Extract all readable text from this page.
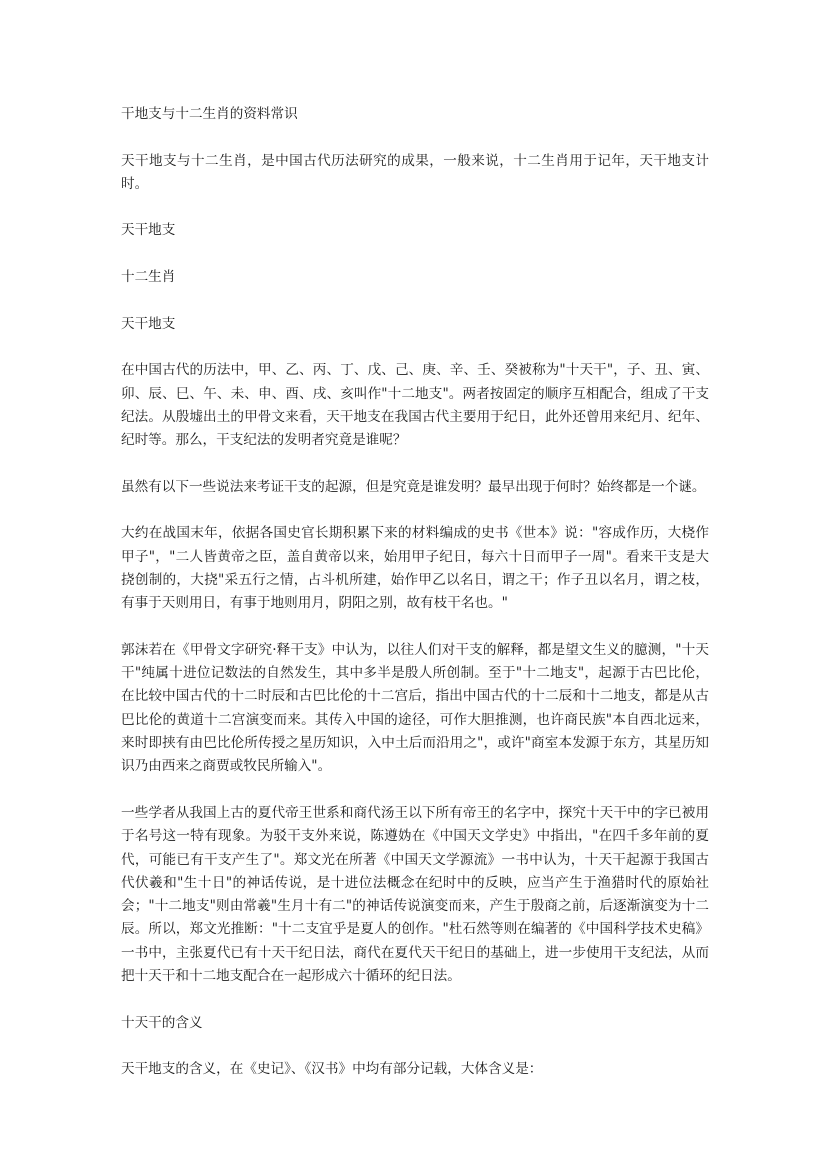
干地支与十二生肖的资料常识

天干地支与十二生肖，是中国古代历法研究的成果，一般来说，十二生肖用于记年，天干地支计时。

天干地支

十二生肖

天干地支

在中国古代的历法中，甲、乙、丙、丁、戊、己、庚、辛、壬、癸被称为"十天干"，子、丑、寅、卯、辰、巳、午、未、申、酉、戌、亥叫作"十二地支"。两者按固定的顺序互相配合，组成了干支纪法。从殷墟出土的甲骨文来看，天干地支在我国古代主要用于纪日，此外还曾用来纪月、纪年、纪时等。那么，干支纪法的发明者究竟是谁呢？

虽然有以下一些说法来考证干支的起源，但是究竟是谁发明？最早出现于何时？始终都是一个谜。

大约在战国末年，依据各国史官长期积累下来的材料编成的史书《世本》说："容成作历，大桡作甲子"，"二人皆黄帝之臣，盖自黄帝以来，始用甲子纪日，每六十日而甲子一周"。看来干支是大挠创制的，大挠"采五行之情，占斗机所建，始作甲乙以名日，谓之干；作子丑以名月，谓之枝，有事于天则用日，有事于地则用月，阴阳之别，故有枝干名也。"

郭沫若在《甲骨文字研究·释干支》中认为，以往人们对干支的解释，都是望文生义的臆测，"十天干"纯属十进位记数法的自然发生，其中多半是殷人所创制。至于"十二地支"，起源于古巴比伦，在比较中国古代的十二时辰和古巴比伦的十二宫后，指出中国古代的十二辰和十二地支，都是从古巴比伦的黄道十二宫演变而来。其传入中国的途径，可作大胆推测，也许商民族"本自西北远来，来时即挟有由巴比伦所传授之星历知识，入中土后而沿用之"，或许"商室本发源于东方，其星历知识乃由西来之商贾或牧民所输入"。

一些学者从我国上古的夏代帝王世系和商代汤王以下所有帝王的名字中，探究十天干中的字已被用于名号这一特有现象。为驳干支外来说，陈遵妫在《中国天文学史》中指出，"在四千多年前的夏代，可能已有干支产生了"。郑文光在所著《中国天文学源流》一书中认为，十天干起源于我国古代伏羲和"生十日"的神话传说，是十进位法概念在纪时中的反映，应当产生于渔猎时代的原始社会；"十二地支"则由常羲"生月十有二"的神话传说演变而来，产生于殷商之前，后逐渐演变为十二辰。所以，郑文光推断："十二支宜乎是夏人的创作。"杜石然等则在编著的《中国科学技术史稿》一书中，主张夏代已有十天干纪日法，商代在夏代天干纪日的基础上，进一步使用干支纪法，从而把十天干和十二地支配合在一起形成六十循环的纪日法。

十天干的含义

天干地支的含义，在《史记》、《汉书》中均有部分记载，大体含义是：
